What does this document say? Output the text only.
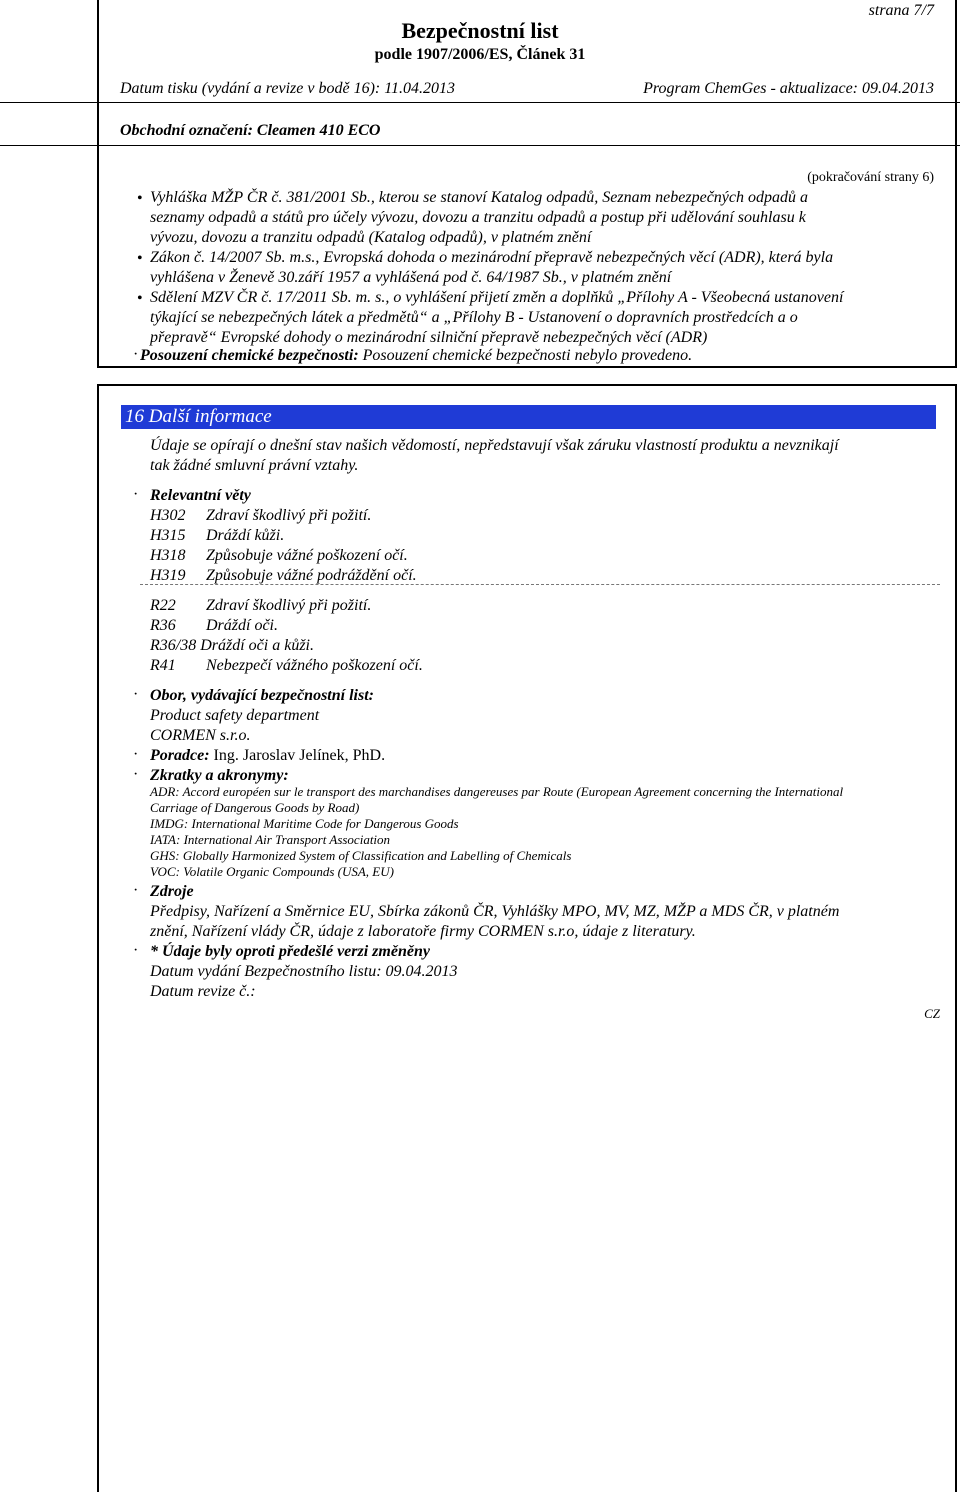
strana 7/7
Bezpečnostní list
podle 1907/2006/ES, Článek 31
Datum tisku (vydání a revize v bodě 16): 11.04.2013	Program ChemGes - aktualizace: 09.04.2013
Obchodní označení: Cleamen 410 ECO
(pokračování strany 6)
• Vyhláška MŽP ČR č. 381/2001 Sb., kterou se stanoví Katalog odpadů, Seznam nebezpečných odpadů a
seznamy odpadů a států pro účely vývozu, dovozu a tranzitu odpadů a postup při udělování souhlasu k
vývozu, dovozu a tranzitu odpadů (Katalog odpadů), v platném znění
• Zákon č. 14/2007 Sb. m.s., Evropská dohoda o mezinárodní přepravě nebezpečných věcí (ADR), která byla
vyhlášena v Ženevě 30.září 1957 a vyhlášená pod č. 64/1987 Sb., v platném znění
• Sdělení MZV ČR č. 17/2011 Sb. m. s., o vyhlášení přijetí změn a doplňků „Přílohy A - Všeobecná ustanovení
týkající se nebezpečných látek a předmětů“ a „Přílohy B - Ustanovení o dopravních prostředcích a o
přepravě“ Evropské dohody o mezinárodní silniční přepravě nebezpečných věcí (ADR)
· Posouzení chemické bezpečnosti: Posouzení chemické bezpečnosti nebylo provedeno.
16 Další informace
Údaje se opírají o dnešní stav našich vědomostí, nepředstavují však záruku vlastností produktu a nevznikají
tak žádné smluvní právní vztahy.
· Relevantní věty
H302 Zdraví škodlivý při požití.
H315 Dráždí kůži.
H318 Způsobuje vážné poškození očí.
H319 Způsobuje vážné podráždění očí.
R22 Zdraví škodlivý při požití.
R36 Dráždí oči.
R36/38 Dráždí oči a kůži.
R41 Nebezpečí vážného poškození očí.
· Obor, vydávající bezpečnostní list:
Product safety department
CORMEN s.r.o.
· Poradce: Ing. Jaroslav Jelínek, PhD.
· Zkratky a akronymy:
ADR: Accord européen sur le transport des marchandises dangereuses par Route (European Agreement concerning the International
Carriage of Dangerous Goods by Road)
IMDG: International Maritime Code for Dangerous Goods
IATA: International Air Transport Association
GHS: Globally Harmonized System of Classification and Labelling of Chemicals
VOC: Volatile Organic Compounds (USA, EU)
· Zdroje
Předpisy, Nařízení a Směrnice EU, Sbírka zákonů ČR, Vyhlášky MPO, MV, MZ, MŽP a MDS ČR, v platném
znění, Nařízení vlády ČR, údaje z laboratoře firmy CORMEN s.r.o, údaje z literatury.
· * Údaje byly oproti předešlé verzi změněny
Datum vydání Bezpečnostního listu: 09.04.2013
Datum revize č.:
CZ
